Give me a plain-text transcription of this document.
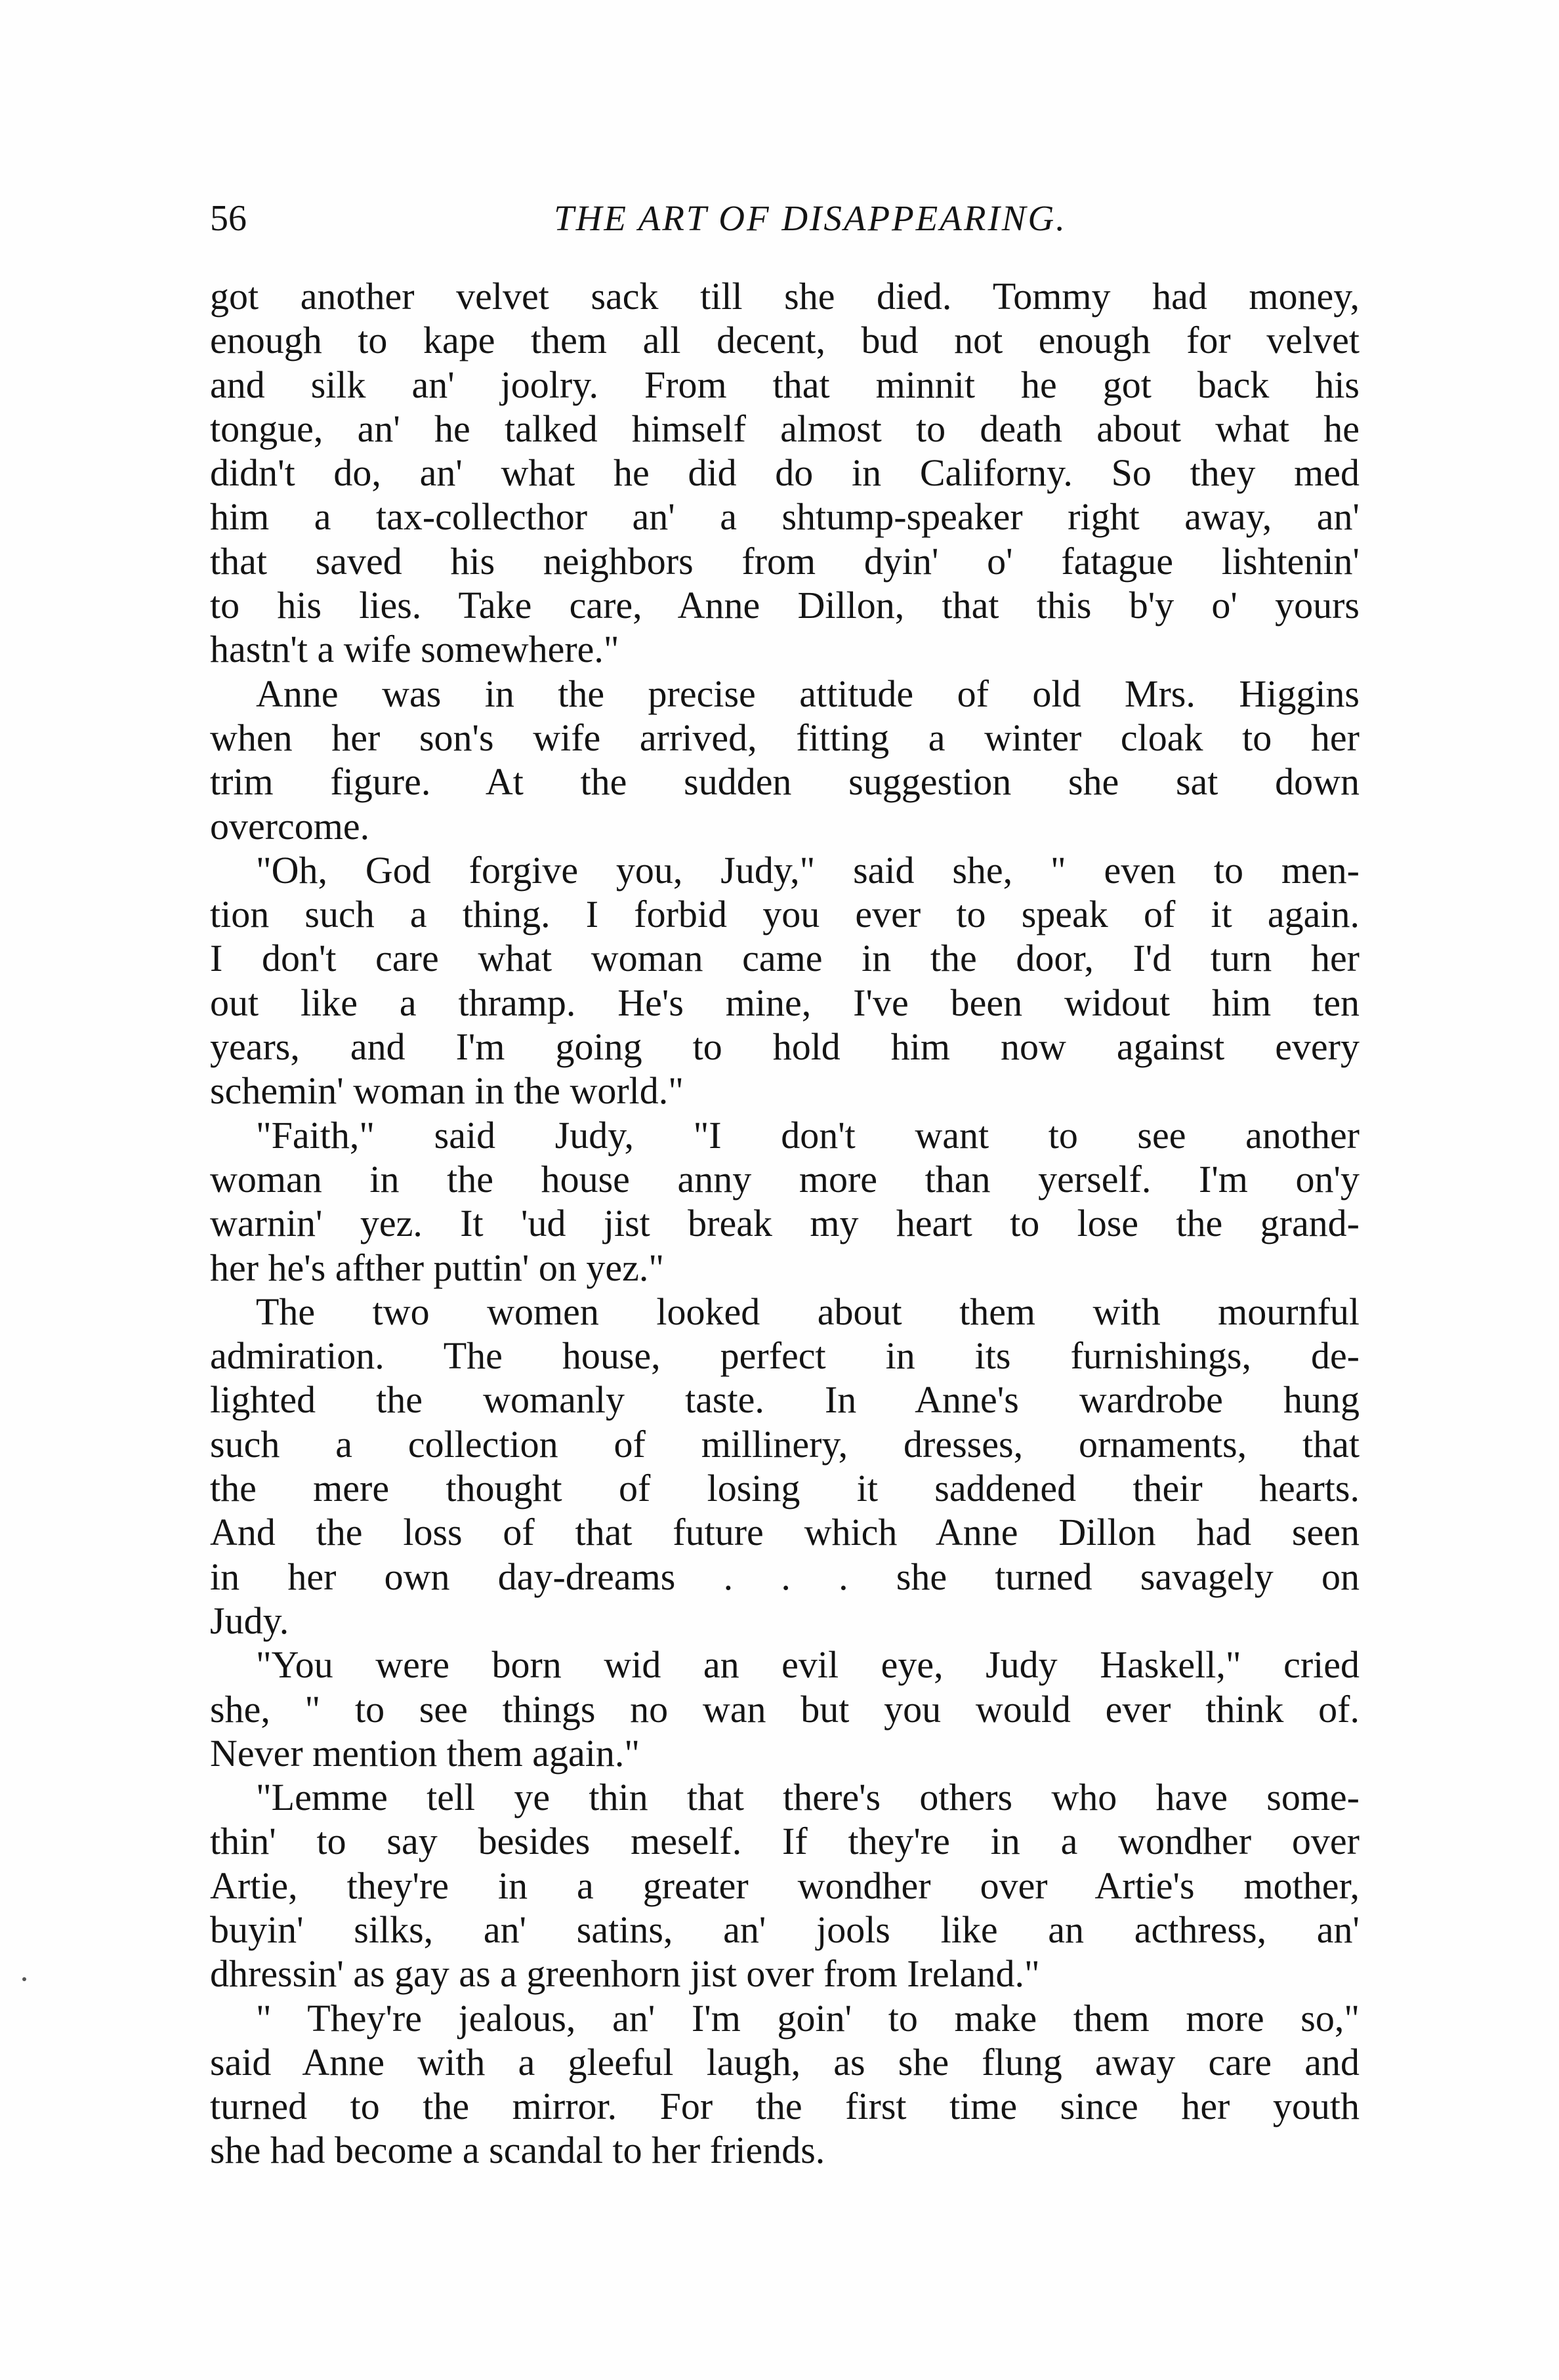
56	THE ART OF DISAPPEARING.
got another velvet sack till she died. Tommy had money,
enough to kape them all decent, bud not enough for velvet
and silk an' joolry. From that minnit he got back his
tongue, an' he talked himself almost to death about what he
didn't do, an' what he did do in Californy. So they med
him a tax-collecthor an' a shtump-speaker right away, an'
that saved his neighbors from dyin' o' fatague lishtenin'
to his lies. Take care, Anne Dillon, that this b'y o' yours
hastn't a wife somewhere."
Anne was in the precise attitude of old Mrs. Higgins
when her son's wife arrived, fitting a winter cloak to her
trim figure. At the sudden suggestion she sat down
overcome.
"Oh, God forgive you, Judy," said she, " even to men-
tion such a thing. I forbid you ever to speak of it again.
I don't care what woman came in the door, I'd turn her
out like a thramp. He's mine, I've been widout him ten
years, and I'm going to hold him now against every
schemin' woman in the world."
"Faith," said Judy, "I don't want to see another
woman in the house anny more than yerself. I'm on'y
warnin' yez. It 'ud jist break my heart to lose the grand-
her he's afther puttin' on yez."
The two women looked about them with mournful
admiration. The house, perfect in its furnishings, de-
lighted the womanly taste. In Anne's wardrobe hung
such a collection of millinery, dresses, ornaments, that
the mere thought of losing it saddened their hearts.
And the loss of that future which Anne Dillon had seen
in her own day-dreams . . . she turned savagely on
Judy.
"You were born wid an evil eye, Judy Haskell," cried
she, " to see things no wan but you would ever think of.
Never mention them again."
"Lemme tell ye thin that there's others who have some-
thin' to say besides meself. If they're in a wondher over
Artie, they're in a greater wondher over Artie's mother,
buyin' silks, an' satins, an' jools like an acthress, an'
dhressin' as gay as a greenhorn jist over from Ireland."
" They're jealous, an' I'm goin' to make them more so,"
said Anne with a gleeful laugh, as she flung away care and
turned to the mirror. For the first time since her youth
she had become a scandal to her friends.
